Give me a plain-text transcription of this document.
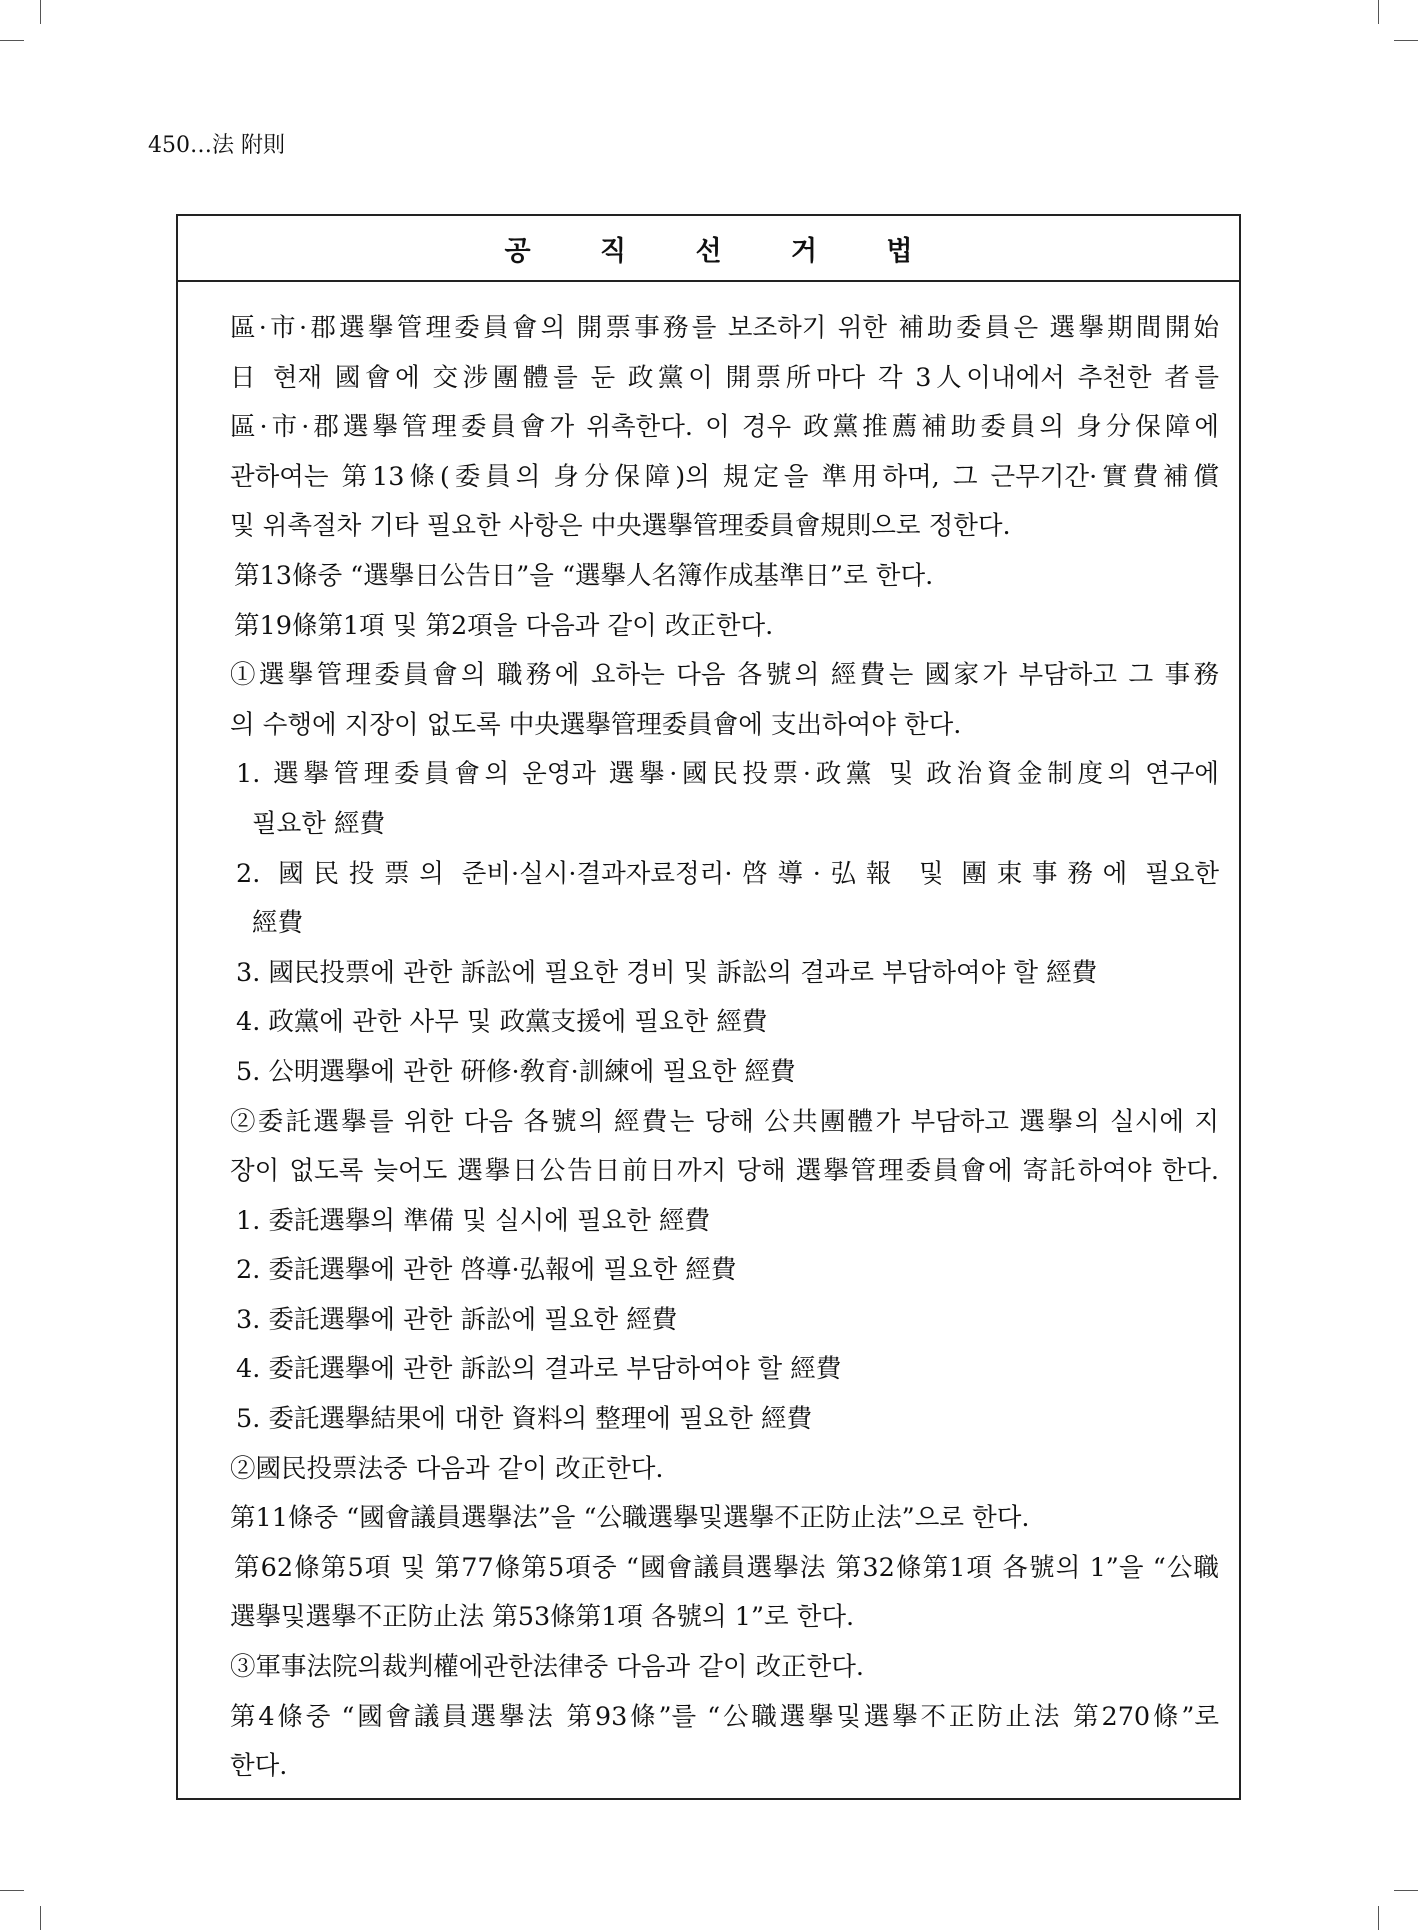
450…法 附則
공 직 선 거 법
區·市·郡選擧管理委員會의 開票事務를 보조하기 위한 補助委員은 選擧期間開始
日 현재 國會에 交涉團體를 둔 政黨이 開票所마다 각 3人이내에서 추천한 者를
區·市·郡選擧管理委員會가 위촉한다. 이 경우 政黨推薦補助委員의 身分保障에
관하여는 第13條(委員의 身分保障)의 規定을 準用하며, 그 근무기간·實費補償
및 위촉절차 기타 필요한 사항은 中央選擧管理委員會規則으로 정한다.
第13條중 “選擧日公告日”을 “選擧人名簿作成基準日”로 한다.
第19條第1項 및 第2項을 다음과 같이 改正한다.
①選擧管理委員會의 職務에 요하는 다음 各號의 經費는 國家가 부담하고 그 事務
의 수행에 지장이 없도록 中央選擧管理委員會에 支出하여야 한다.
1. 選擧管理委員會의 운영과 選擧·國民投票·政黨 및 政治資金制度의 연구에
필요한 經費
2. 國民投票의 준비·실시·결과자료정리·啓導·弘報 및 團束事務에 필요한
經費
3. 國民投票에 관한 訴訟에 필요한 경비 및 訴訟의 결과로 부담하여야 할 經費
4. 政黨에 관한 사무 및 政黨支援에 필요한 經費
5. 公明選擧에 관한 硏修·敎育·訓練에 필요한 經費
②委託選擧를 위한 다음 各號의 經費는 당해 公共團體가 부담하고 選擧의 실시에 지
장이 없도록 늦어도 選擧日公告日前日까지 당해 選擧管理委員會에 寄託하여야 한다.
1. 委託選擧의 準備 및 실시에 필요한 經費
2. 委託選擧에 관한 啓導·弘報에 필요한 經費
3. 委託選擧에 관한 訴訟에 필요한 經費
4. 委託選擧에 관한 訴訟의 결과로 부담하여야 할 經費
5. 委託選擧結果에 대한 資料의 整理에 필요한 經費
②國民投票法중 다음과 같이 改正한다.
第11條중 “國會議員選擧法”을 “公職選擧및選擧不正防止法”으로 한다.
第62條第5項 및 第77條第5項중 “國會議員選擧法 第32條第1項 各號의 1”을 “公職
選擧및選擧不正防止法 第53條第1項 各號의 1”로 한다.
③軍事法院의裁判權에관한法律중 다음과 같이 改正한다.
第4條중 “國會議員選擧法 第93條”를 “公職選擧및選擧不正防止法 第270條”로
한다.
